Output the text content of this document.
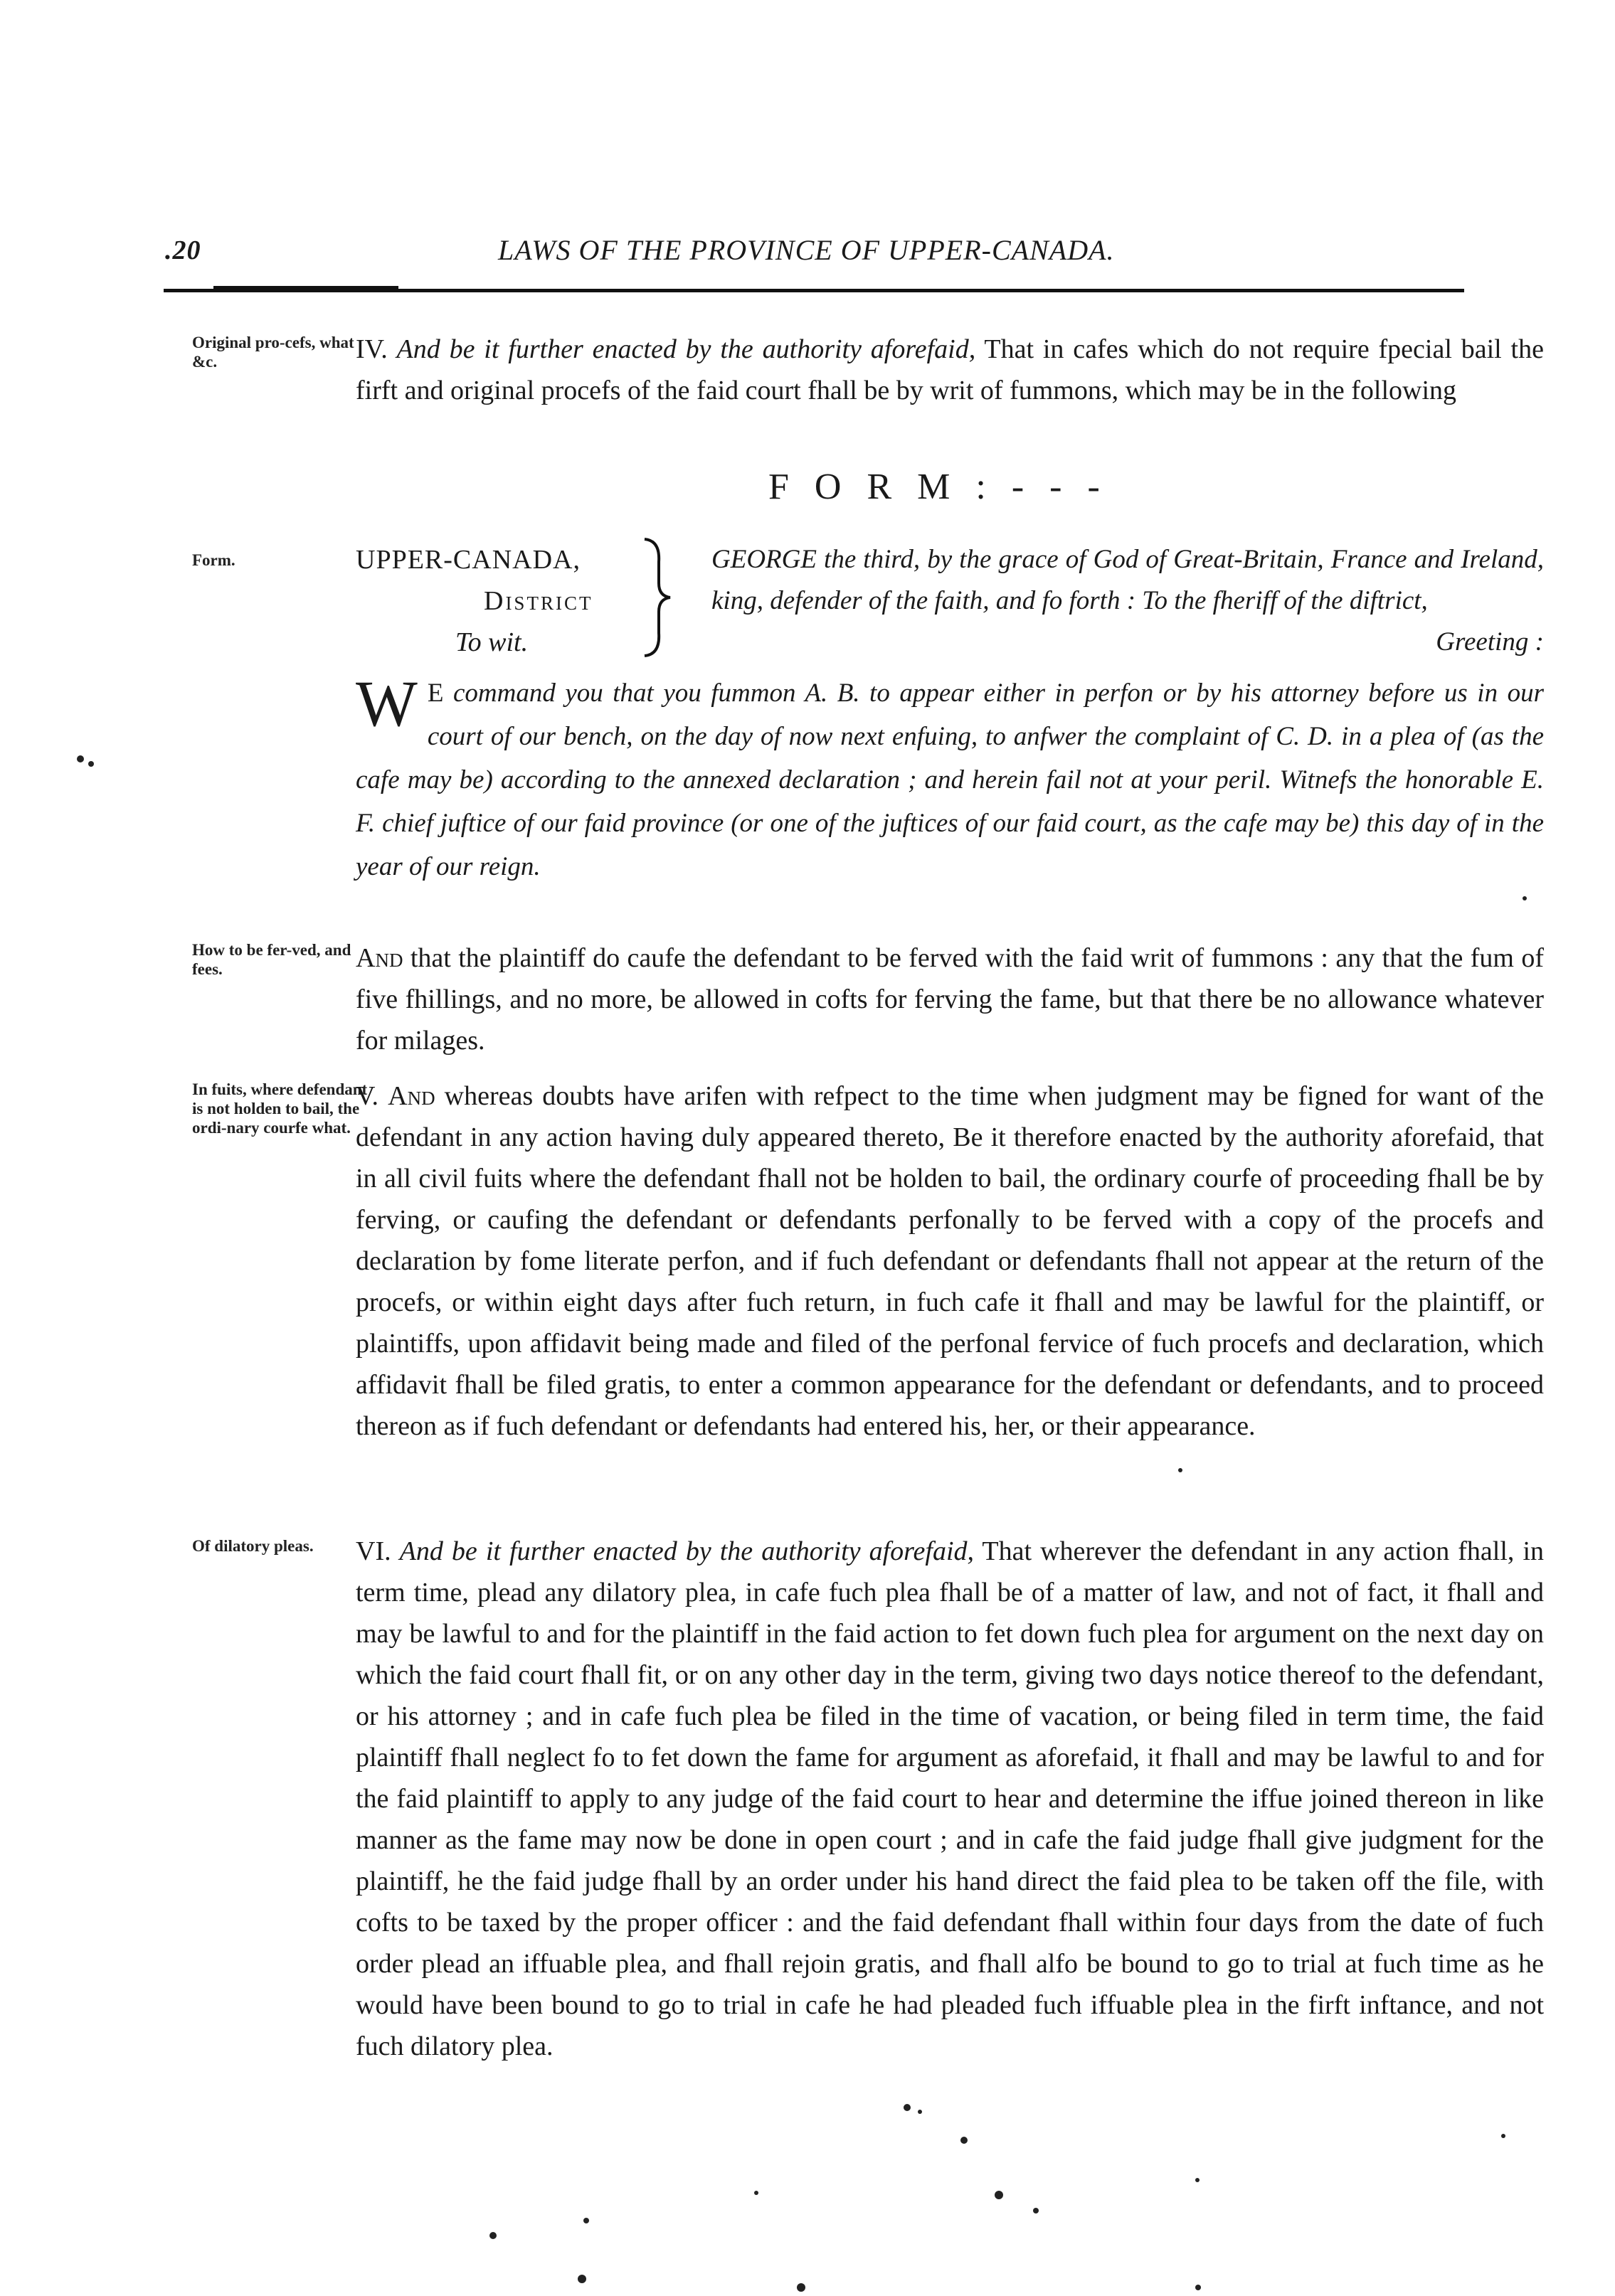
.20	LAWS OF THE PROVINCE OF UPPER-CANADA.
Original pro-cefs, what &c.
Form.
How to be fer-ved, and fees.
In fuits, where defendant is not holden to bail, the ordi-nary courfe what.
Of dilatory pleas.

IV. And be it further enacted by the authority aforefaid, That in cafes which do not require fpecial bail the firft and original procefs of the faid court fhall be by writ of fummons, which may be in the following

FORM:---
UPPER-CANADA,
District
To wit.
GEORGE the third, by the grace of God of Great-Britain, France and Ireland, king, defender of the faith, and fo forth : To the fheriff of the diftrict,
Greeting :
W E command you that you fummon A. B. to appear either in perfon or by his attorney before us in our court of our bench, on the day of now next enfuing, to anfwer the complaint of C. D. in a plea of (as the cafe may be) according to the annexed declaration ; and herein fail not at your peril. Witnefs the honorable E. F. chief juftice of our faid province (or one of the juftices of our faid court, as the cafe may be) this day of in the year of our reign.

And that the plaintiff do caufe the defendant to be ferved with the faid writ of fummons : any that the fum of five fhillings, and no more, be allowed in cofts for ferving the fame, but that there be no allowance whatever for milages.

V. And whereas doubts have arifen with refpect to the time when judgment may be figned for want of the defendant in any action having duly appeared thereto, Be it therefore enacted by the authority aforefaid, that in all civil fuits where the defendant fhall not be holden to bail, the ordinary courfe of proceeding fhall be by ferving, or caufing the defendant or defendants perfonally to be ferved with a copy of the procefs and declaration by fome literate perfon, and if fuch defendant or defendants fhall not appear at the return of the procefs, or within eight days after fuch return, in fuch cafe it fhall and may be lawful for the plaintiff, or plaintiffs, upon affidavit being made and filed of the perfonal fervice of fuch procefs and declaration, which affidavit fhall be filed gratis, to enter a common appearance for the defendant or defendants, and to proceed thereon as if fuch defendant or defendants had entered his, her, or their appearance.

VI. And be it further enacted by the authority aforefaid, That wherever the defendant in any action fhall, in term time, plead any dilatory plea, in cafe fuch plea fhall be of a matter of law, and not of fact, it fhall and may be lawful to and for the plaintiff in the faid action to fet down fuch plea for argument on the next day on which the faid court fhall fit, or on any other day in the term, giving two days notice thereof to the defendant, or his attorney ; and in cafe fuch plea be filed in the time of vacation, or being filed in term time, the faid plaintiff fhall neglect fo to fet down the fame for argument as aforefaid, it fhall and may be lawful to and for the faid plaintiff to apply to any judge of the faid court to hear and determine the iffue joined thereon in like manner as the fame may now be done in open court ; and in cafe the faid judge fhall give judgment for the plaintiff, he the faid judge fhall by an order under his hand direct the faid plea to be taken off the file, with cofts to be taxed by the proper officer : and the faid defendant fhall within four days from the date of fuch order plead an iffuable plea, and fhall rejoin gratis, and fhall alfo be bound to go to trial at fuch time as he would have been bound to go to trial in cafe he had pleaded fuch iffuable plea in the firft inftance, and not fuch dilatory plea.
